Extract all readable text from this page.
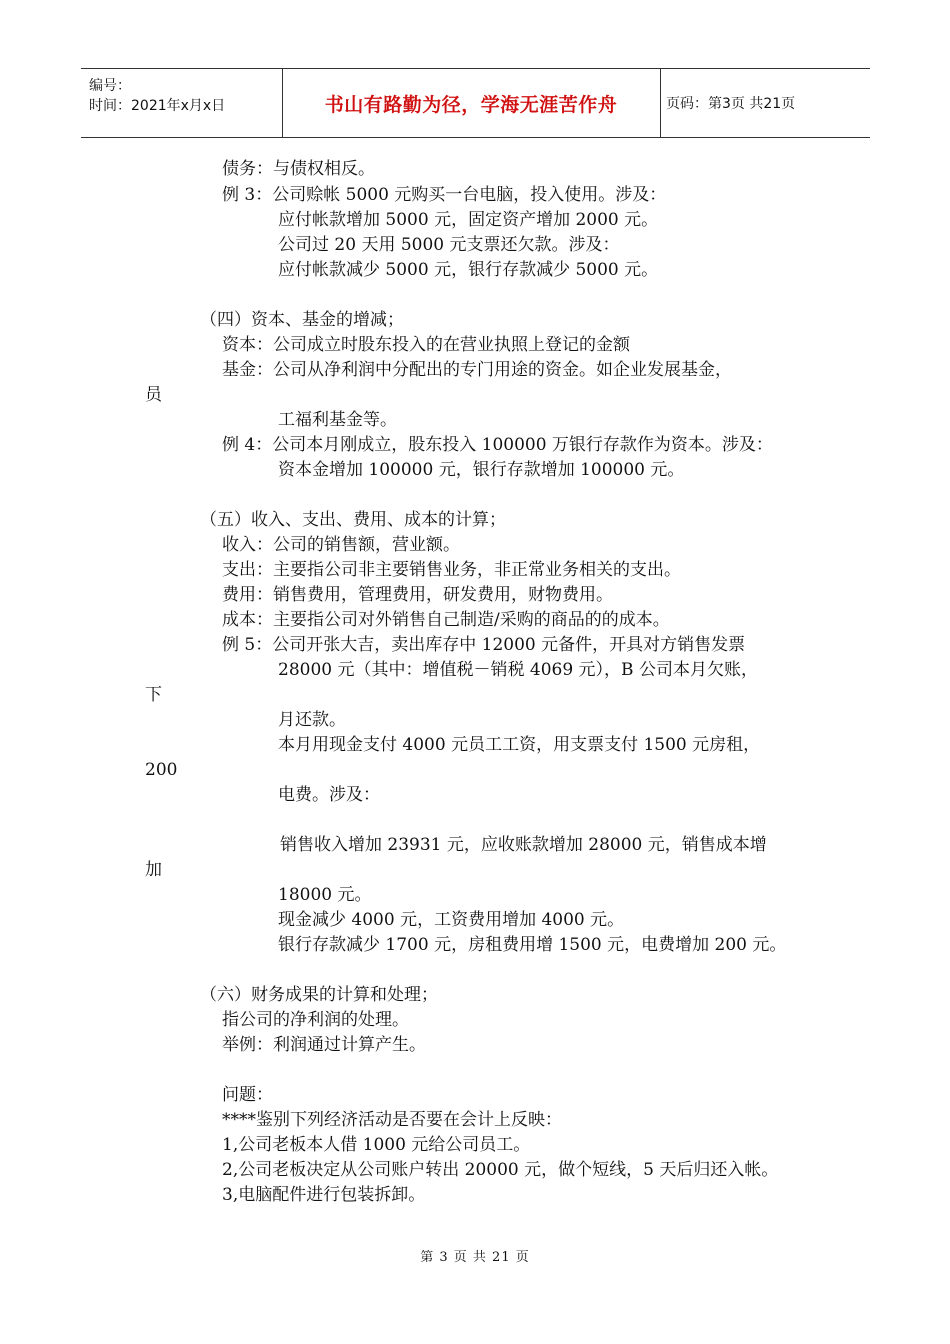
编号：
时间：2021年x月x日	书山有路勤为径，学海无涯苦作舟	页码：第3页 共21页
债务：与债权相反。
例 3：公司赊帐 5000 元购买一台电脑，投入使用。涉及：
应付帐款增加 5000 元，固定资产增加 2000 元。
公司过 20 天用 5000 元支票还欠款。涉及：
应付帐款减少 5000 元，银行存款减少 5000 元。
（四）资本、基金的增减；
资本：公司成立时股东投入的在营业执照上登记的金额
基金：公司从净利润中分配出的专门用途的资金。如企业发展基金，
员
工福利基金等。
例 4：公司本月刚成立，股东投入 100000 万银行存款作为资本。涉及：
资本金增加 100000 元，银行存款增加 100000 元。
（五）收入、支出、费用、成本的计算；
收入：公司的销售额，营业额。
支出：主要指公司非主要销售业务，非正常业务相关的支出。
费用：销售费用，管理费用，研发费用，财物费用。
成本：主要指公司对外销售自己制造/采购的商品的的成本。
例 5：公司开张大吉，卖出库存中 12000 元备件，开具对方销售发票
28000 元（其中：增值税－销税 4069 元），B 公司本月欠账，
下
月还款。
本月用现金支付 4000 元员工工资，用支票支付 1500 元房租，
200
电费。涉及：
销售收入增加 23931 元，应收账款增加 28000 元，销售成本增
加
18000 元。
现金减少 4000 元，工资费用增加 4000 元。
银行存款减少 1700 元，房租费用增 1500 元，电费增加 200 元。
（六）财务成果的计算和处理；
指公司的净利润的处理。
举例：利润通过计算产生。
问题：
****鉴别下列经济活动是否要在会计上反映：
1,公司老板本人借 1000 元给公司员工。
2,公司老板决定从公司账户转出 20000 元，做个短线，5 天后归还入帐。
3,电脑配件进行包装拆卸。
第 3 页 共 21 页
